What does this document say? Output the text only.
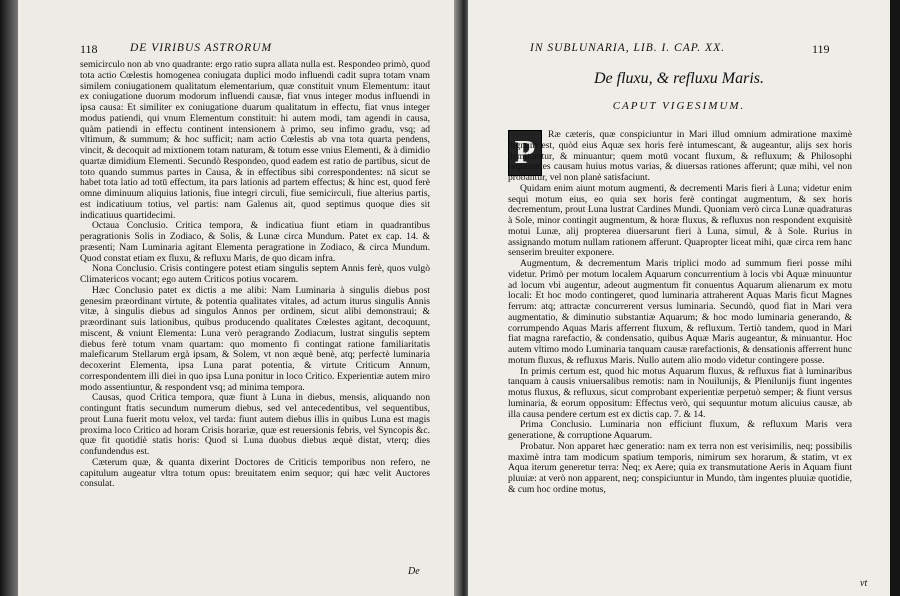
118	DE VIRIBUS ASTRORUM

semicirculo non ab vno quadrante: ergo ratio supra allata nulla est. Respondeo primò, quod tota actio Cœlestis homogenea coniugata duplici modo influendi cadit supra totam vnam similem coniugationem qualitatum elementarium, quæ constituit vnum Elementum: itaut ex coniugatione duorum modorum influendi causæ, fiat vnus integer modus influendi in ipsa causa: Et similiter ex coniugatione duarum qualitatum in effectu, fiat vnus integer modus patiendi, qui vnum Elementum constituit: hi autem modi, tam agendi in causa, quàm patiendi in effectu continent intensionem à primo, seu infimo gradu, vsq; ad vltimum, & summum; & hoc sufficit; nam actio Cœlestis ab vna tota quarta pendens, vincit, & decoquit ad mixtionem totam naturam, & totum esse vnius Elementi, & à dimidio quartæ dimidium Elementi. Secundò Respondeo, quod eadem est ratio de partibus, sicut de toto quando summus partes in Causa, & in effectibus sibi correspondentes: nā sicut se habet tota latio ad totū effectum, ita pars lationis ad partem effectus; & hinc est, quod ferè omne diminuum aliquius lationis, fiue integri circuli, fiue semicirculi, fiue alterius partis, est indicatiuum totius, vel partis: nam Galenus ait, quod septimus quoque dies sit indicatiuus quartidecimi.

Octaua Conclusio. Critica tempora, & indicatiua fiunt etiam in quadrantibus peragrationis Solis in Zodiaco, & Solis, & Lunæ circa Mundum. Patet ex cap. 14. & præsenti; Nam Luminaria agitant Elementa peragratione in Zodiaco, & circa Mundum. Quod constat etiam ex fluxu, & refluxu Maris, de quo dicam infra.

Nona Conclusio. Crisis contingere potest etiam singulis septem Annis ferè, quos vulgò Climatericos vocant; ego autem Criticos potius vocarem.

Hæc Conclusio patet ex dictis a me alibi: Nam Luminaria à singulis diebus post genesim præordinant virtute, & potentia qualitates vitales, ad actum iturus singulis Annis vitæ, à singulis diebus ad singulos Annos per ordinem, sicut alibi demonstraui; & præordinant suis lationibus, quibus producendo qualitates Cœlestes agitant, decoquunt, miscent, & vniunt Elementa: Luna verò peragrando Zodiacum, lustrat singulis septem diebus ferè totum vnam quartam: quo momento fi contingat ratione familiaritatis maleficarum Stellarum ergà ipsam, & Solem, vt non æquè benè, atq; perfectè luminaria decoxerint Elementa, ipsa Luna parat potentia, & virtute Criticum Annum, correspondentem illi diei in quo ipsa Luna ponitur in loco Critico. Experientiæ autem miro modo assentiuntur, & respondent vsq; ad minima tempora.

Causas, quod Critica tempora, quæ fiunt à Luna in diebus, mensis, aliquando non contingunt ftatis secundum numerum diebus, sed vel antecedentibus, vel sequentibus, prout Luna fuerit motu velox, vel tarda: fiunt autem diebus illis in quibus Luna est magis proxima loco Critico ad horam Crisis horariæ, quæ est reuersionis febris, vel Syncopis &c. quæ fit quotidiè statis horis: Quod si Luna duobus diebus æquè distat, vterq; dies confundendus est.

Cæterum quæ, & quanta dixerint Doctores de Criticis temporibus non refero, ne capitulum augeatur vltra totum opus: breuitatem enim sequor; qui hæc velit Auctores consulat.

De
IN SUBLUNARIA, LIB. I. CAP. XX.	119
De fluxu, & refluxu Maris.
CAPUT VIGESIMUM.
P	Ræ cæteris, quæ conspiciuntur in Mari illud omnium admiratione maximè dignum est, quòd eius Aquæ sex horis ferè intumescant, & augeantur, alijs sex horis demittantur, & minuantur; quem motū vocant fluxum, & refluxum; & Philosophi requirentes causam huius motus varias, & diuersas rationes afferunt; quæ mihi, vel non probantur, vel non planè satisfaciunt.

Quidam enim aiunt motum augmenti, & decrementi Maris fieri à Luna; videtur enim sequi motum eius, eo quia sex horis ferè contingat augmentum, & sex horis decrementum, prout Luna lustrat Cardines Mundi. Quoniam verò circa Lunæ quadraturas à Sole, minor contingit augmentum, & horæ fluxus, & refluxus non respondent exquisitè motui Lunæ, alij propterea diuersarunt fieri à Luna, simul, & à Sole. Rurius in assignando motum nullam rationem afferunt. Quapropter liceat mihi, quæ circa rem hanc senserim breuiter exponere.

Augmentum, & decrementum Maris triplici modo ad summum fieri posse mihi videtur. Primò per motum localem Aquarum concurrentium à locis vbi Aquæ minuuntur ad locum vbi augentur, adeout augmentum fit conuentus Aquarum alienarum ex motu locali: Et hoc modo contingeret, quod luminaria attraherent Aquas Maris ficut Magnes ferrum: atq; attractæ concurrerent versus luminaria. Secundò, quod fiat in Mari vera augmentatio, & diminutio substantiæ Aquarum; & hoc modo luminaria generando, & corrumpendo Aquas Maris afferrent fluxum, & refluxum. Tertiò tandem, quod in Mari fiat magna rarefactio, & condensatio, quibus Aquæ Maris augeantur, & minuantur. Hoc autem vltimo modo Luminaria tanquam causæ rarefactionis, & densationis afferrent hunc motum fluxus, & refluxus Maris. Nullo autem alio modo videtur contingere posse.

In primis certum est, quod hic motus Aquarum fluxus, & refluxus fiat à luminaribus tanquam à causis vniuersalibus remotis: nam in Nouilunijs, & Plenilunijs fiunt ingentes motus fluxus, & refluxus, sicut comprobant experientiæ perpetuò semper; & fiunt versus luminaria, & eorum oppositum: Effectus verò, qui sequuntur motum alicuius causæ, ab illa causa pendere certum est ex dictis cap. 7. & 14.

Prima Conclusio. Luminaria non efficiunt fluxum, & refluxum Maris vera generatione, & corruptione Aquarum.

Probatur. Non apparet hæc generatio: nam ex terra non est verisimilis, neq; possibilis maximè intra tam modicum spatium temporis, nimirum sex horarum, & statim, vt ex Aqua iterum generetur terra: Neq; ex Aere; quia ex transmutatione Aeris in Aquam fiunt pluuiæ: at verò non apparent, neq; conspiciuntur in Mundo, tàm ingentes pluuiæ quotidie, & cum hoc ordine motus,

vt
